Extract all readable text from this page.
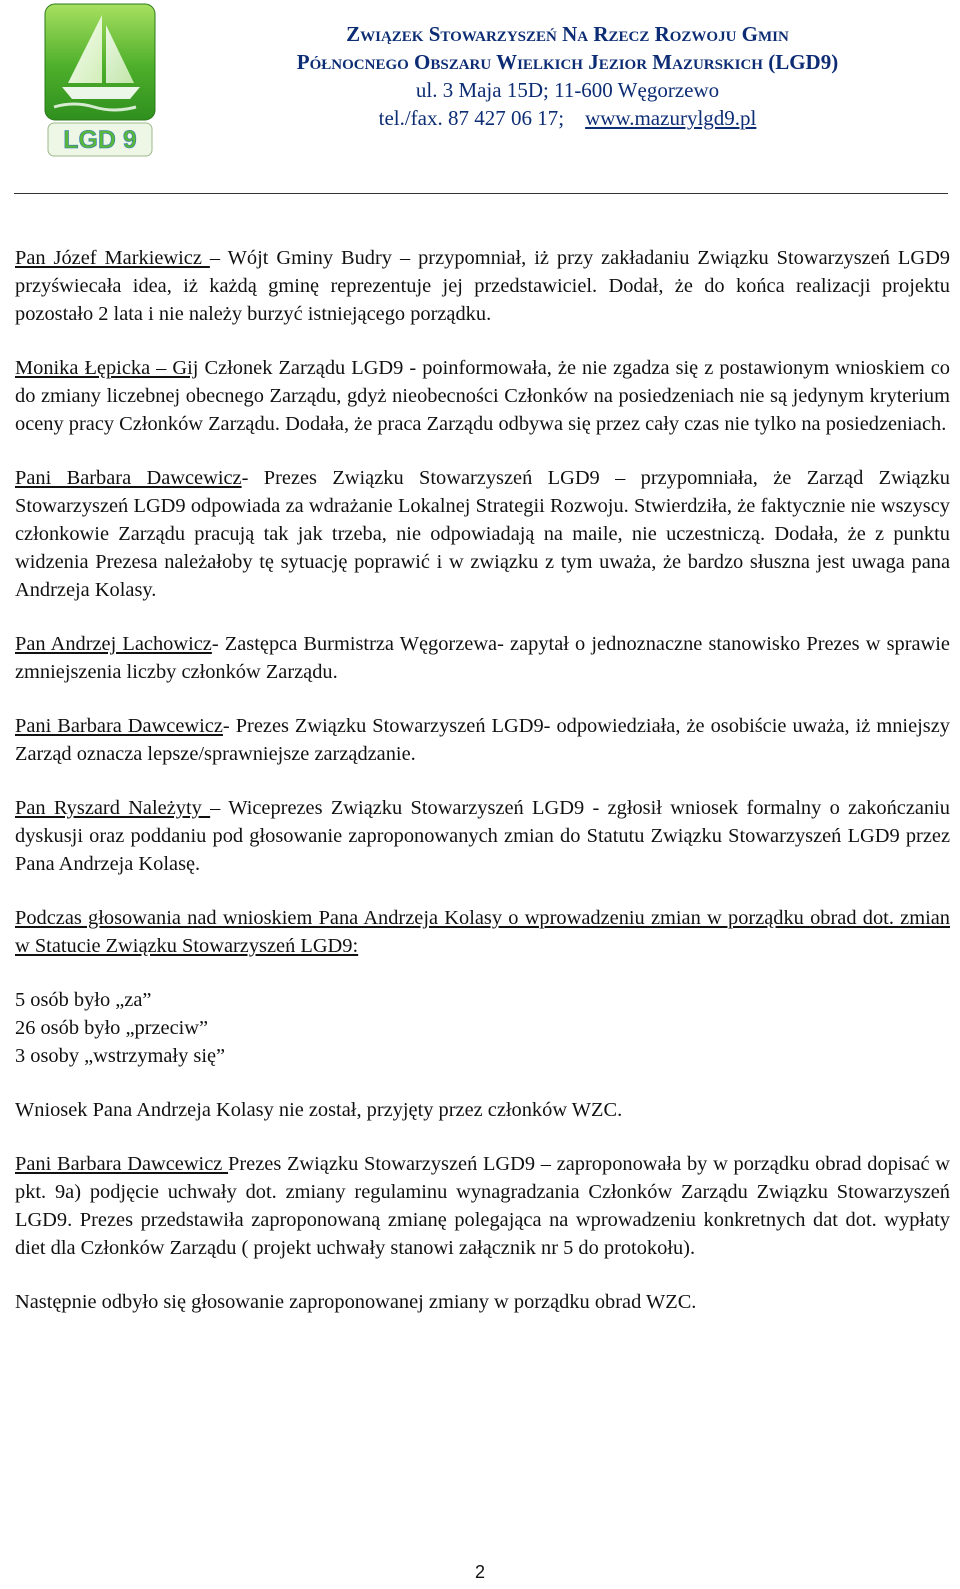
LGD 9
Związek Stowarzyszeń Na Rzecz Rozwoju Gmin
Północnego Obszaru Wielkich Jezior Mazurskich (LGD9)
ul. 3 Maja 15D; 11-600 Węgorzewo
tel./fax. 87 427 06 17; www.mazurylgd9.pl

Pan Józef Markiewicz – Wójt Gminy Budry – przypomniał, iż przy zakładaniu Związku Stowarzyszeń LGD9 przyświecała idea, iż każdą gminę reprezentuje jej przedstawiciel. Dodał, że do końca realizacji projektu pozostało 2 lata i nie należy burzyć istniejącego porządku.

Monika Łępicka – Gij Członek Zarządu LGD9 - poinformowała, że nie zgadza się z postawionym wnioskiem co do zmiany liczebnej obecnego Zarządu, gdyż nieobecności Członków na posiedzeniach nie są jedynym kryterium oceny pracy Członków Zarządu. Dodała, że praca Zarządu odbywa się przez cały czas nie tylko na posiedzeniach.

Pani Barbara Dawcewicz- Prezes Związku Stowarzyszeń LGD9 – przypomniała, że Zarząd Związku Stowarzyszeń LGD9 odpowiada za wdrażanie Lokalnej Strategii Rozwoju. Stwierdziła, że faktycznie nie wszyscy członkowie Zarządu pracują tak jak trzeba, nie odpowiadają na maile, nie uczestniczą. Dodała, że z punktu widzenia Prezesa należałoby tę sytuację poprawić i w związku z tym uważa, że bardzo słuszna jest uwaga pana Andrzeja Kolasy.

Pan Andrzej Lachowicz- Zastępca Burmistrza Węgorzewa- zapytał o jednoznaczne stanowisko Prezes w sprawie zmniejszenia liczby członków Zarządu.

Pani Barbara Dawcewicz- Prezes Związku Stowarzyszeń LGD9- odpowiedziała, że osobiście uważa, iż mniejszy Zarząd oznacza lepsze/sprawniejsze zarządzanie.

Pan Ryszard Należyty – Wiceprezes Związku Stowarzyszeń LGD9 - zgłosił wniosek formalny o zakończaniu dyskusji oraz poddaniu pod głosowanie zaproponowanych zmian do Statutu Związku Stowarzyszeń LGD9 przez Pana Andrzeja Kolasę.

Podczas głosowania nad wnioskiem Pana Andrzeja Kolasy o wprowadzeniu zmian w porządku obrad dot. zmian w Statucie Związku Stowarzyszeń LGD9:

5 osób było „za”
26 osób było „przeciw”
3 osoby „wstrzymały się”

Wniosek Pana Andrzeja Kolasy nie został, przyjęty przez członków WZC.

Pani Barbara Dawcewicz Prezes Związku Stowarzyszeń LGD9 – zaproponowała by w porządku obrad dopisać w pkt. 9a) podjęcie uchwały dot. zmiany regulaminu wynagradzania Członków Zarządu Związku Stowarzyszeń LGD9. Prezes przedstawiła zaproponowaną zmianę polegająca na wprowadzeniu konkretnych dat dot. wypłaty diet dla Członków Zarządu ( projekt uchwały stanowi załącznik nr 5 do protokołu).

Następnie odbyło się głosowanie zaproponowanej zmiany w porządku obrad WZC.

2
